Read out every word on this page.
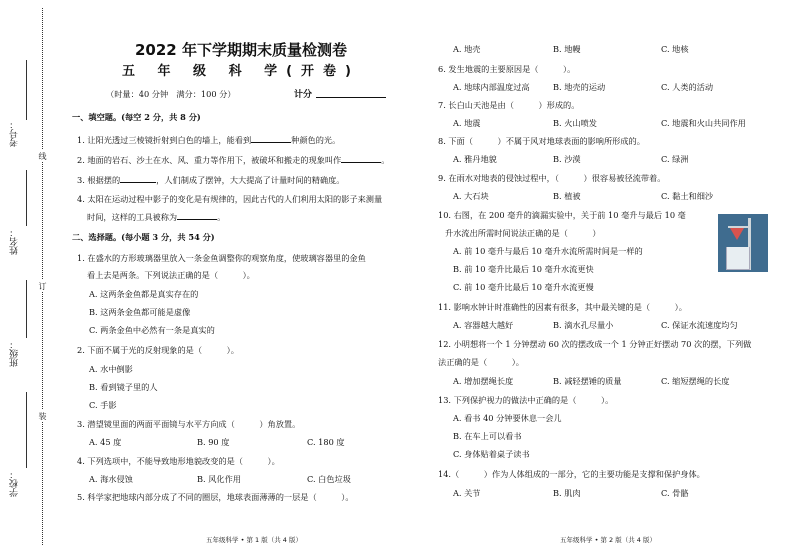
线
订
装
考号：
姓名：
班级：
学校：
2022 年下学期期末质量检测卷
五 年 级 科 学(开卷)
（时量：40 分钟　满分：100 分）	计分
一、填空题。(每空 2 分，共 8 分)
1. 让阳光透过三棱镜折射到白色的墙上，能看到	种颜色的光。
2. 地面的岩石、沙土在水、风、重力等作用下，被破坏和搬走的现象叫作	。
3. 根据摆的	，人们制成了摆钟，大大提高了计量时间的精确度。
4. 太阳在运动过程中影子的变化是有规律的，因此古代的人们利用太阳的影子来测量
时间，这样的工具被称为	。
二、选择题。(每小题 3 分，共 54 分)
1. 在盛水的方形玻璃器里放入一条金鱼调整你的观察角度，使玻璃容器里的金鱼
看上去是两条。下列说法正确的是（　　　）。
A. 这两条金鱼都是真实存在的
B. 这两条金鱼都可能是虚像
C. 两条金鱼中必然有一条是真实的
2. 下面不属于光的反射现象的是（　　　）。
A. 水中倒影
B. 看到镜子里的人
C. 手影
3. 潜望镜里面的两面平面镜与水平方向成（　　　）角放置。
A. 45 度	B. 90 度	C. 180 度
4. 下列选项中，不能导致地形地貌改变的是（　　　）。
A. 海水侵蚀	B. 风化作用	C. 白色垃圾
5. 科学家把地球内部分成了不同的圈层，地球表面薄薄的一层是（　　　）。
A. 地壳	B. 地幔	C. 地核
6. 发生地震的主要原因是（　　　）。
A. 地球内部温度过高	B. 地壳的运动	C. 人类的活动
7. 长白山天池是由（　　　）形成的。
A. 地震	B. 火山喷发	C. 地震和火山共同作用
8. 下面（　　　）不属于风对地球表面的影响所形成的。
A. 雅丹地貌	B. 沙漠	C. 绿洲
9. 在雨水对地表的侵蚀过程中，（　　　）很容易被径流带着。
A. 大石块	B. 植被	C. 黏土和细沙
10. 右图，在 200 毫升的滴漏实验中，关于前 10 毫升与最后 10 毫
升水流出所需时间说法正确的是（　　　）
A. 前 10 毫升与最后 10 毫升水流所需时间是一样的
B. 前 10 毫升比最后 10 毫升水流更快
C. 前 10 毫升比最后 10 毫升水流更慢
11. 影响水钟计时准确性的因素有很多，其中最关键的是（　　　）。
A. 容器越大越好	B. 滴水孔尽量小	C. 保证水流速度均匀
12. 小明想将一个 1 分钟摆动 60 次的摆改成一个 1 分钟正好摆动 70 次的摆，下列做
法正确的是（　　　）。
A. 增加摆绳长度	B. 减轻摆锤的质量	C. 缩短摆绳的长度
13. 下列保护视力的做法中正确的是（　　　）。
A. 看书 40 分钟要休息一会儿
B. 在车上可以看书
C. 身体贴着桌子读书
14.（　　　）作为人体组成的一部分，它的主要功能是支撑和保护身体。
A. 关节	B. 肌肉	C. 骨骼
五年级科学 • 第 1 版（共 4 版）	五年级科学 • 第 2 版（共 4 版）
